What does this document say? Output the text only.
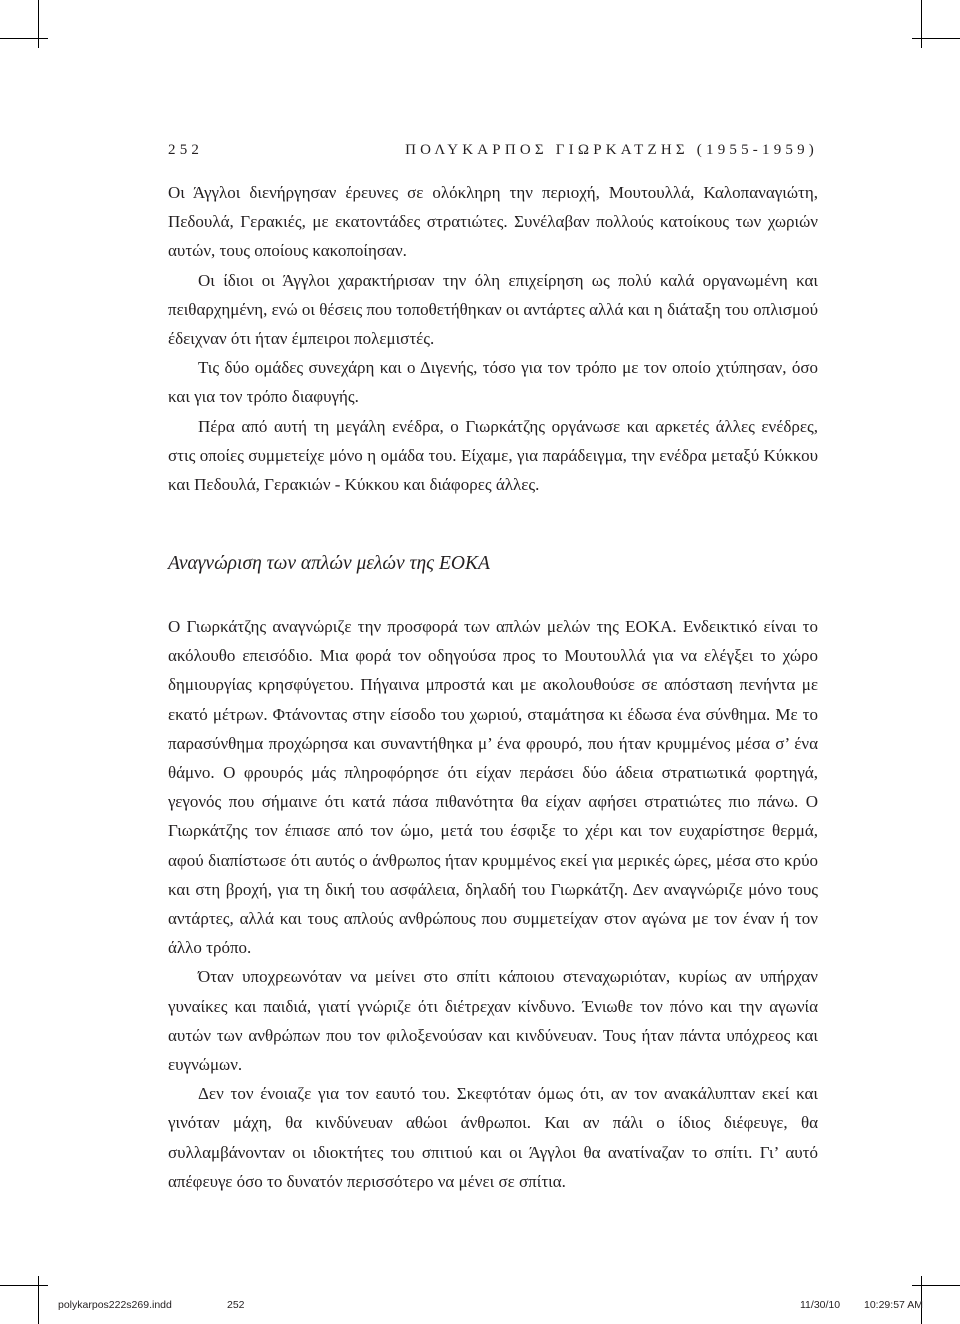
252	ΠΟΛΥΚΑΡΠΟΣ ΓΙΩΡΚΑΤΖΗΣ (1955-1959)

Οι Άγγλοι διενήργησαν έρευνες σε ολόκληρη την περιοχή, Μουτουλλά, Καλοπαναγιώτη, Πεδουλά, Γερακιές, με εκατοντάδες στρατιώτες. Συνέλαβαν πολλούς κατοίκους των χωριών αυτών, τους οποίους κακοποίησαν.

Οι ίδιοι οι Άγγλοι χαρακτήρισαν την όλη επιχείρηση ως πολύ καλά οργανωμένη και πειθαρχημένη, ενώ οι θέσεις που τοποθετήθηκαν οι αντάρτες αλλά και η διάταξη του οπλισμού έδειχναν ότι ήταν έμπειροι πολεμιστές.

Τις δύο ομάδες συνεχάρη και ο Διγενής, τόσο για τον τρόπο με τον οποίο χτύπησαν, όσο και για τον τρόπο διαφυγής.

Πέρα από αυτή τη μεγάλη ενέδρα, ο Γιωρκάτζης οργάνωσε και αρκετές άλλες ενέδρες, στις οποίες συμμετείχε μόνο η ομάδα του. Είχαμε, για παράδειγμα, την ενέδρα μεταξύ Κύκκου και Πεδουλά, Γερακιών - Κύκκου και διάφορες άλλες.

Αναγνώριση των απλών μελών της ΕΟΚΑ

Ο Γιωρκάτζης αναγνώριζε την προσφορά των απλών μελών της ΕΟΚΑ. Ενδεικτικό είναι το ακόλουθο επεισόδιο. Μια φορά τον οδηγούσα προς το Μουτουλλά για να ελέγξει το χώρο δημιουργίας κρησφύγετου. Πήγαινα μπροστά και με ακολουθούσε σε απόσταση πενήντα με εκατό μέτρων. Φτάνοντας στην είσοδο του χωριού, σταμάτησα κι έδωσα ένα σύνθημα. Με το παρασύνθημα προχώρησα και συναντήθηκα μ’ ένα φρουρό, που ήταν κρυμμένος μέσα σ’ ένα θάμνο. Ο φρουρός μάς πληροφόρησε ότι είχαν περάσει δύο άδεια στρατιωτικά φορτηγά, γεγονός που σήμαινε ότι κατά πάσα πιθανότητα θα είχαν αφήσει στρατιώτες πιο πάνω. Ο Γιωρκάτζης τον έπιασε από τον ώμο, μετά του έσφιξε το χέρι και τον ευχαρίστησε θερμά, αφού διαπίστωσε ότι αυτός ο άνθρωπος ήταν κρυμμένος εκεί για μερικές ώρες, μέσα στο κρύο και στη βροχή, για τη δική του ασφάλεια, δηλαδή του Γιωρκάτζη. Δεν αναγνώριζε μόνο τους αντάρτες, αλλά και τους απλούς ανθρώπους που συμμετείχαν στον αγώνα με τον έναν ή τον άλλο τρόπο.

Όταν υποχρεωνόταν να μείνει στο σπίτι κάποιου στεναχωριόταν, κυρίως αν υπήρχαν γυναίκες και παιδιά, γιατί γνώριζε ότι διέτρεχαν κίνδυνο. Ένιωθε τον πόνο και την αγωνία αυτών των ανθρώπων που τον φιλοξενούσαν και κινδύνευαν. Τους ήταν πάντα υπόχρεος και ευγνώμων.

Δεν τον ένοιαζε για τον εαυτό του. Σκεφτόταν όμως ότι, αν τον ανακάλυπταν εκεί και γινόταν μάχη, θα κινδύνευαν αθώοι άνθρωποι. Και αν πάλι ο ίδιος διέφευγε, θα συλλαμβάνονταν οι ιδιοκτήτες του σπιτιού και οι Άγγλοι θα ανατίναζαν το σπίτι. Γι’ αυτό απέφευγε όσο το δυνατόν περισσότερο να μένει σε σπίτια.

polykarpos222s269.indd	252	11/30/10 10:29:57 AM
